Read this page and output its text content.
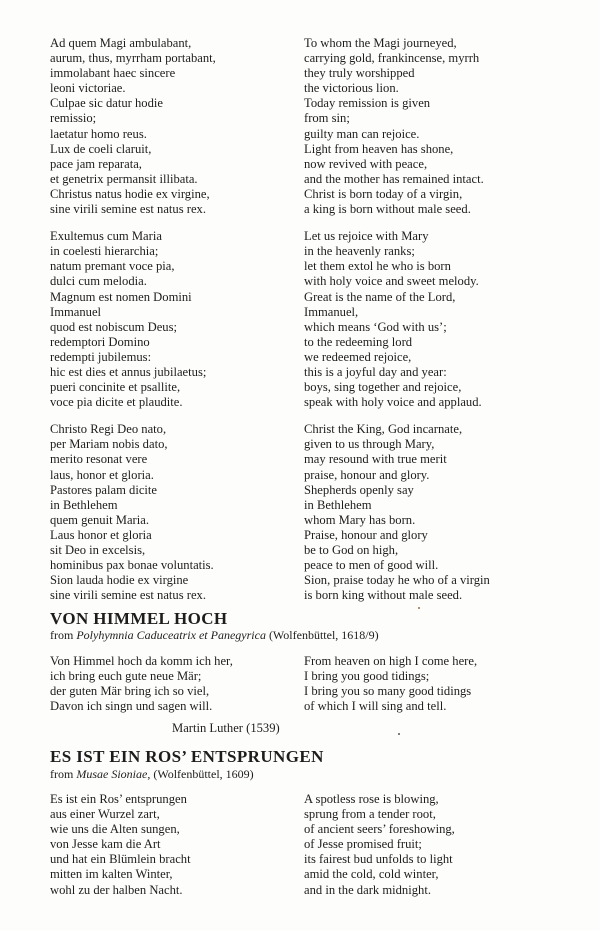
Ad quem Magi ambulabant,
aurum, thus, myrrham portabant,
immolabant haec sincere
leoni victoriae.
Culpae sic datur hodie
remissio;
laetatur homo reus.
Lux de coeli claruit,
pace jam reparata,
et genetrix permansit illibata.
Christus natus hodie ex virgine,
sine virili semine est natus rex.
Exultemus cum Maria
in coelesti hierarchia;
natum premant voce pia,
dulci cum melodia.
Magnum est nomen Domini
Immanuel
quod est nobiscum Deus;
redemptori Domino
redempti jubilemus:
hic est dies et annus jubilaetus;
pueri concinite et psallite,
voce pia dicite et plaudite.
Christo Regi Deo nato,
per Mariam nobis dato,
merito resonat vere
laus, honor et gloria.
Pastores palam dicite
in Bethlehem
quem genuit Maria.
Laus honor et gloria
sit Deo in excelsis,
hominibus pax bonae voluntatis.
Sion lauda hodie ex virgine
sine virili semine est natus rex.
To whom the Magi journeyed,
carrying gold, frankincense, myrrh
they truly worshipped
the victorious lion.
Today remission is given
from sin;
guilty man can rejoice.
Light from heaven has shone,
now revived with peace,
and the mother has remained intact.
Christ is born today of a virgin,
a king is born without male seed.
Let us rejoice with Mary
in the heavenly ranks;
let them extol he who is born
with holy voice and sweet melody.
Great is the name of the Lord,
Immanuel,
which means ‘God with us’;
to the redeeming lord
we redeemed rejoice,
this is a joyful day and year:
boys, sing together and rejoice,
speak with holy voice and applaud.
Christ the King, God incarnate,
given to us through Mary,
may resound with true merit
praise, honour and glory.
Shepherds openly say
in Bethlehem
whom Mary has born.
Praise, honour and glory
be to God on high,
peace to men of good will.
Sion, praise today he who of a virgin
is born king without male seed.
VON HIMMEL HOCH
from Polyhymnia Caduceatrix et Panegyrica (Wolfenbüttel, 1618/9)
Von Himmel hoch da komm ich her,
ich bring euch gute neue Mär;
der guten Mär bring ich so viel,
Davon ich singn und sagen will.
From heaven on high I come here,
I bring you good tidings;
I bring you so many good tidings
of which I will sing and tell.
Martin Luther (1539)
ES IST EIN ROS’ ENTSPRUNGEN
from Musae Sioniae, (Wolfenbüttel, 1609)
Es ist ein Ros’ entsprungen
aus einer Wurzel zart,
wie uns die Alten sungen,
von Jesse kam die Art
und hat ein Blümlein bracht
mitten im kalten Winter,
wohl zu der halben Nacht.
A spotless rose is blowing,
sprung from a tender root,
of ancient seers’ foreshowing,
of Jesse promised fruit;
its fairest bud unfolds to light
amid the cold, cold winter,
and in the dark midnight.
